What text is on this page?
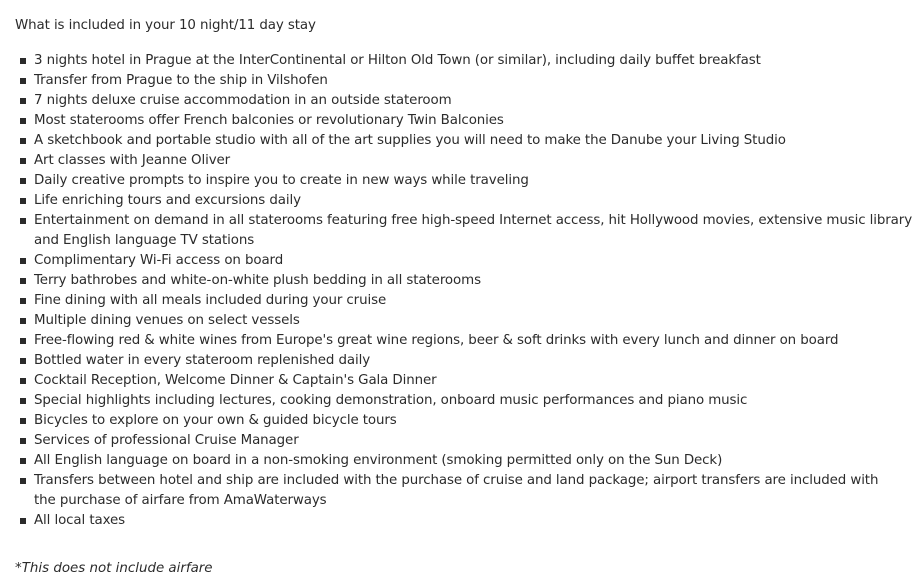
What is included in your 10 night/11 day stay
3 nights hotel in Prague at the InterContinental or Hilton Old Town (or similar), including daily buffet breakfast
Transfer from Prague to the ship in Vilshofen
7 nights deluxe cruise accommodation in an outside stateroom
Most staterooms offer French balconies or revolutionary Twin Balconies
A sketchbook and portable studio with all of the art supplies you will need to make the Danube your Living Studio
Art classes with Jeanne Oliver
Daily creative prompts to inspire you to create in new ways while traveling
Life enriching tours and excursions daily
Entertainment on demand in all staterooms featuring free high-speed Internet access, hit Hollywood movies, extensive music library
and English language TV stations
Complimentary Wi-Fi access on board
Terry bathrobes and white-on-white plush bedding in all staterooms
Fine dining with all meals included during your cruise
Multiple dining venues on select vessels
Free-flowing red & white wines from Europe's great wine regions, beer & soft drinks with every lunch and dinner on board
Bottled water in every stateroom replenished daily
Cocktail Reception, Welcome Dinner & Captain's Gala Dinner
Special highlights including lectures, cooking demonstration, onboard music performances and piano music
Bicycles to explore on your own & guided bicycle tours
Services of professional Cruise Manager
All English language on board in a non-smoking environment (smoking permitted only on the Sun Deck)
Transfers between hotel and ship are included with the purchase of cruise and land package; airport transfers are included with
the purchase of airfare from AmaWaterways
All local taxes
*This does not include airfare
